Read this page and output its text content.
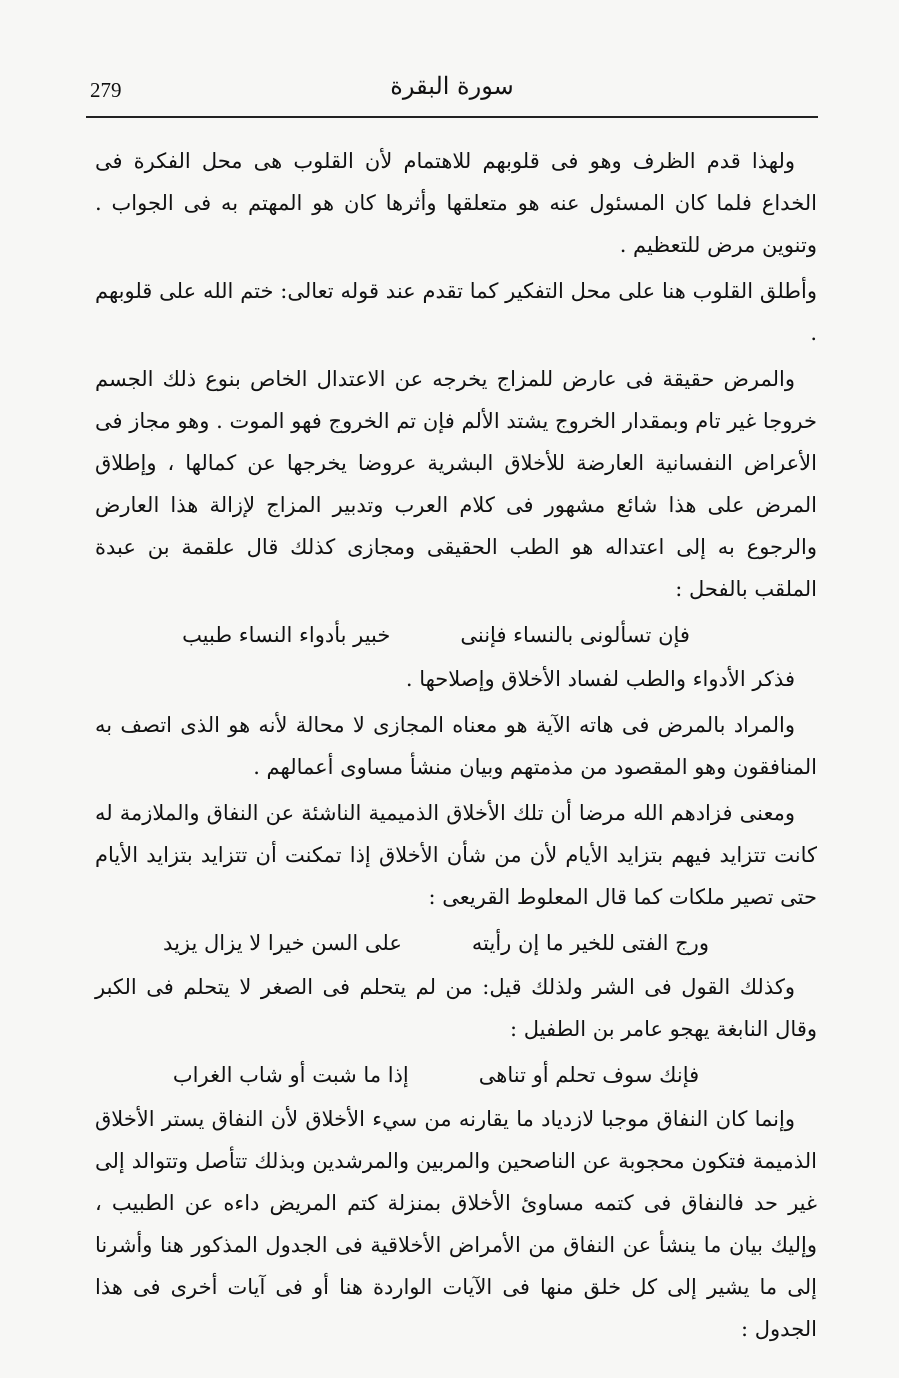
279	سورة البقرة

ولهذا قدم الظرف وهو فى قلوبهم للاهتمام لأن القلوب هى محل الفكرة فى الخداع فلما كان المسئول عنه هو متعلقها وأثرها كان هو المهتم به فى الجواب . وتنوين مرض للتعظيم .

وأطلق القلوب هنا على محل التفكير كما تقدم عند قوله تعالى: ختم الله على قلوبهم .

والمرض حقيقة فى عارض للمزاج يخرجه عن الاعتدال الخاص بنوع ذلك الجسم خروجا غير تام وبمقدار الخروج يشتد الألم فإن تم الخروج فهو الموت . وهو مجاز فى الأعراض النفسانية العارضة للأخلاق البشرية عروضا يخرجها عن كمالها ، وإطلاق المرض على هذا شائع مشهور فى كلام العرب وتدبير المزاج لإزالة هذا العارض والرجوع به إلى اعتداله هو الطب الحقيقى ومجازى كذلك قال علقمة بن عبدة الملقب بالفحل :

فإن تسألونى بالنساء فإننى
خبير بأدواء النساء طبيب

فذكر الأدواء والطب لفساد الأخلاق وإصلاحها .

والمراد بالمرض فى هاته الآية هو معناه المجازى لا محالة لأنه هو الذى اتصف به المنافقون وهو المقصود من مذمتهم وبيان منشأ مساوى أعمالهم .

ومعنى فزادهم الله مرضا أن تلك الأخلاق الذميمية الناشئة عن النفاق والملازمة له كانت تتزايد فيهم بتزايد الأيام لأن من شأن الأخلاق إذا تمكنت أن تتزايد بتزايد الأيام حتى تصير ملكات كما قال المعلوط القريعى :

ورج الفتى للخير ما إن رأيته
على السن خيرا لا يزال يزيد

وكذلك القول فى الشر ولذلك قيل: من لم يتحلم فى الصغر لا يتحلم فى الكبر وقال النابغة يهجو عامر بن الطفيل :

فإنك سوف تحلم أو تناهى
إذا ما شبت أو شاب الغراب

وإنما كان النفاق موجبا لازدياد ما يقارنه من سيء الأخلاق لأن النفاق يستر الأخلاق الذميمة فتكون محجوبة عن الناصحين والمربين والمرشدين وبذلك تتأصل وتتوالد إلى غير حد فالنفاق فى كتمه مساوئ الأخلاق بمنزلة كتم المريض داءه عن الطبيب ، وإليك بيان ما ينشأ عن النفاق من الأمراض الأخلاقية فى الجدول المذكور هنا وأشرنا إلى ما يشير إلى كل خلق منها فى الآيات الواردة هنا أو فى آيات أخرى فى هذا الجدول :
